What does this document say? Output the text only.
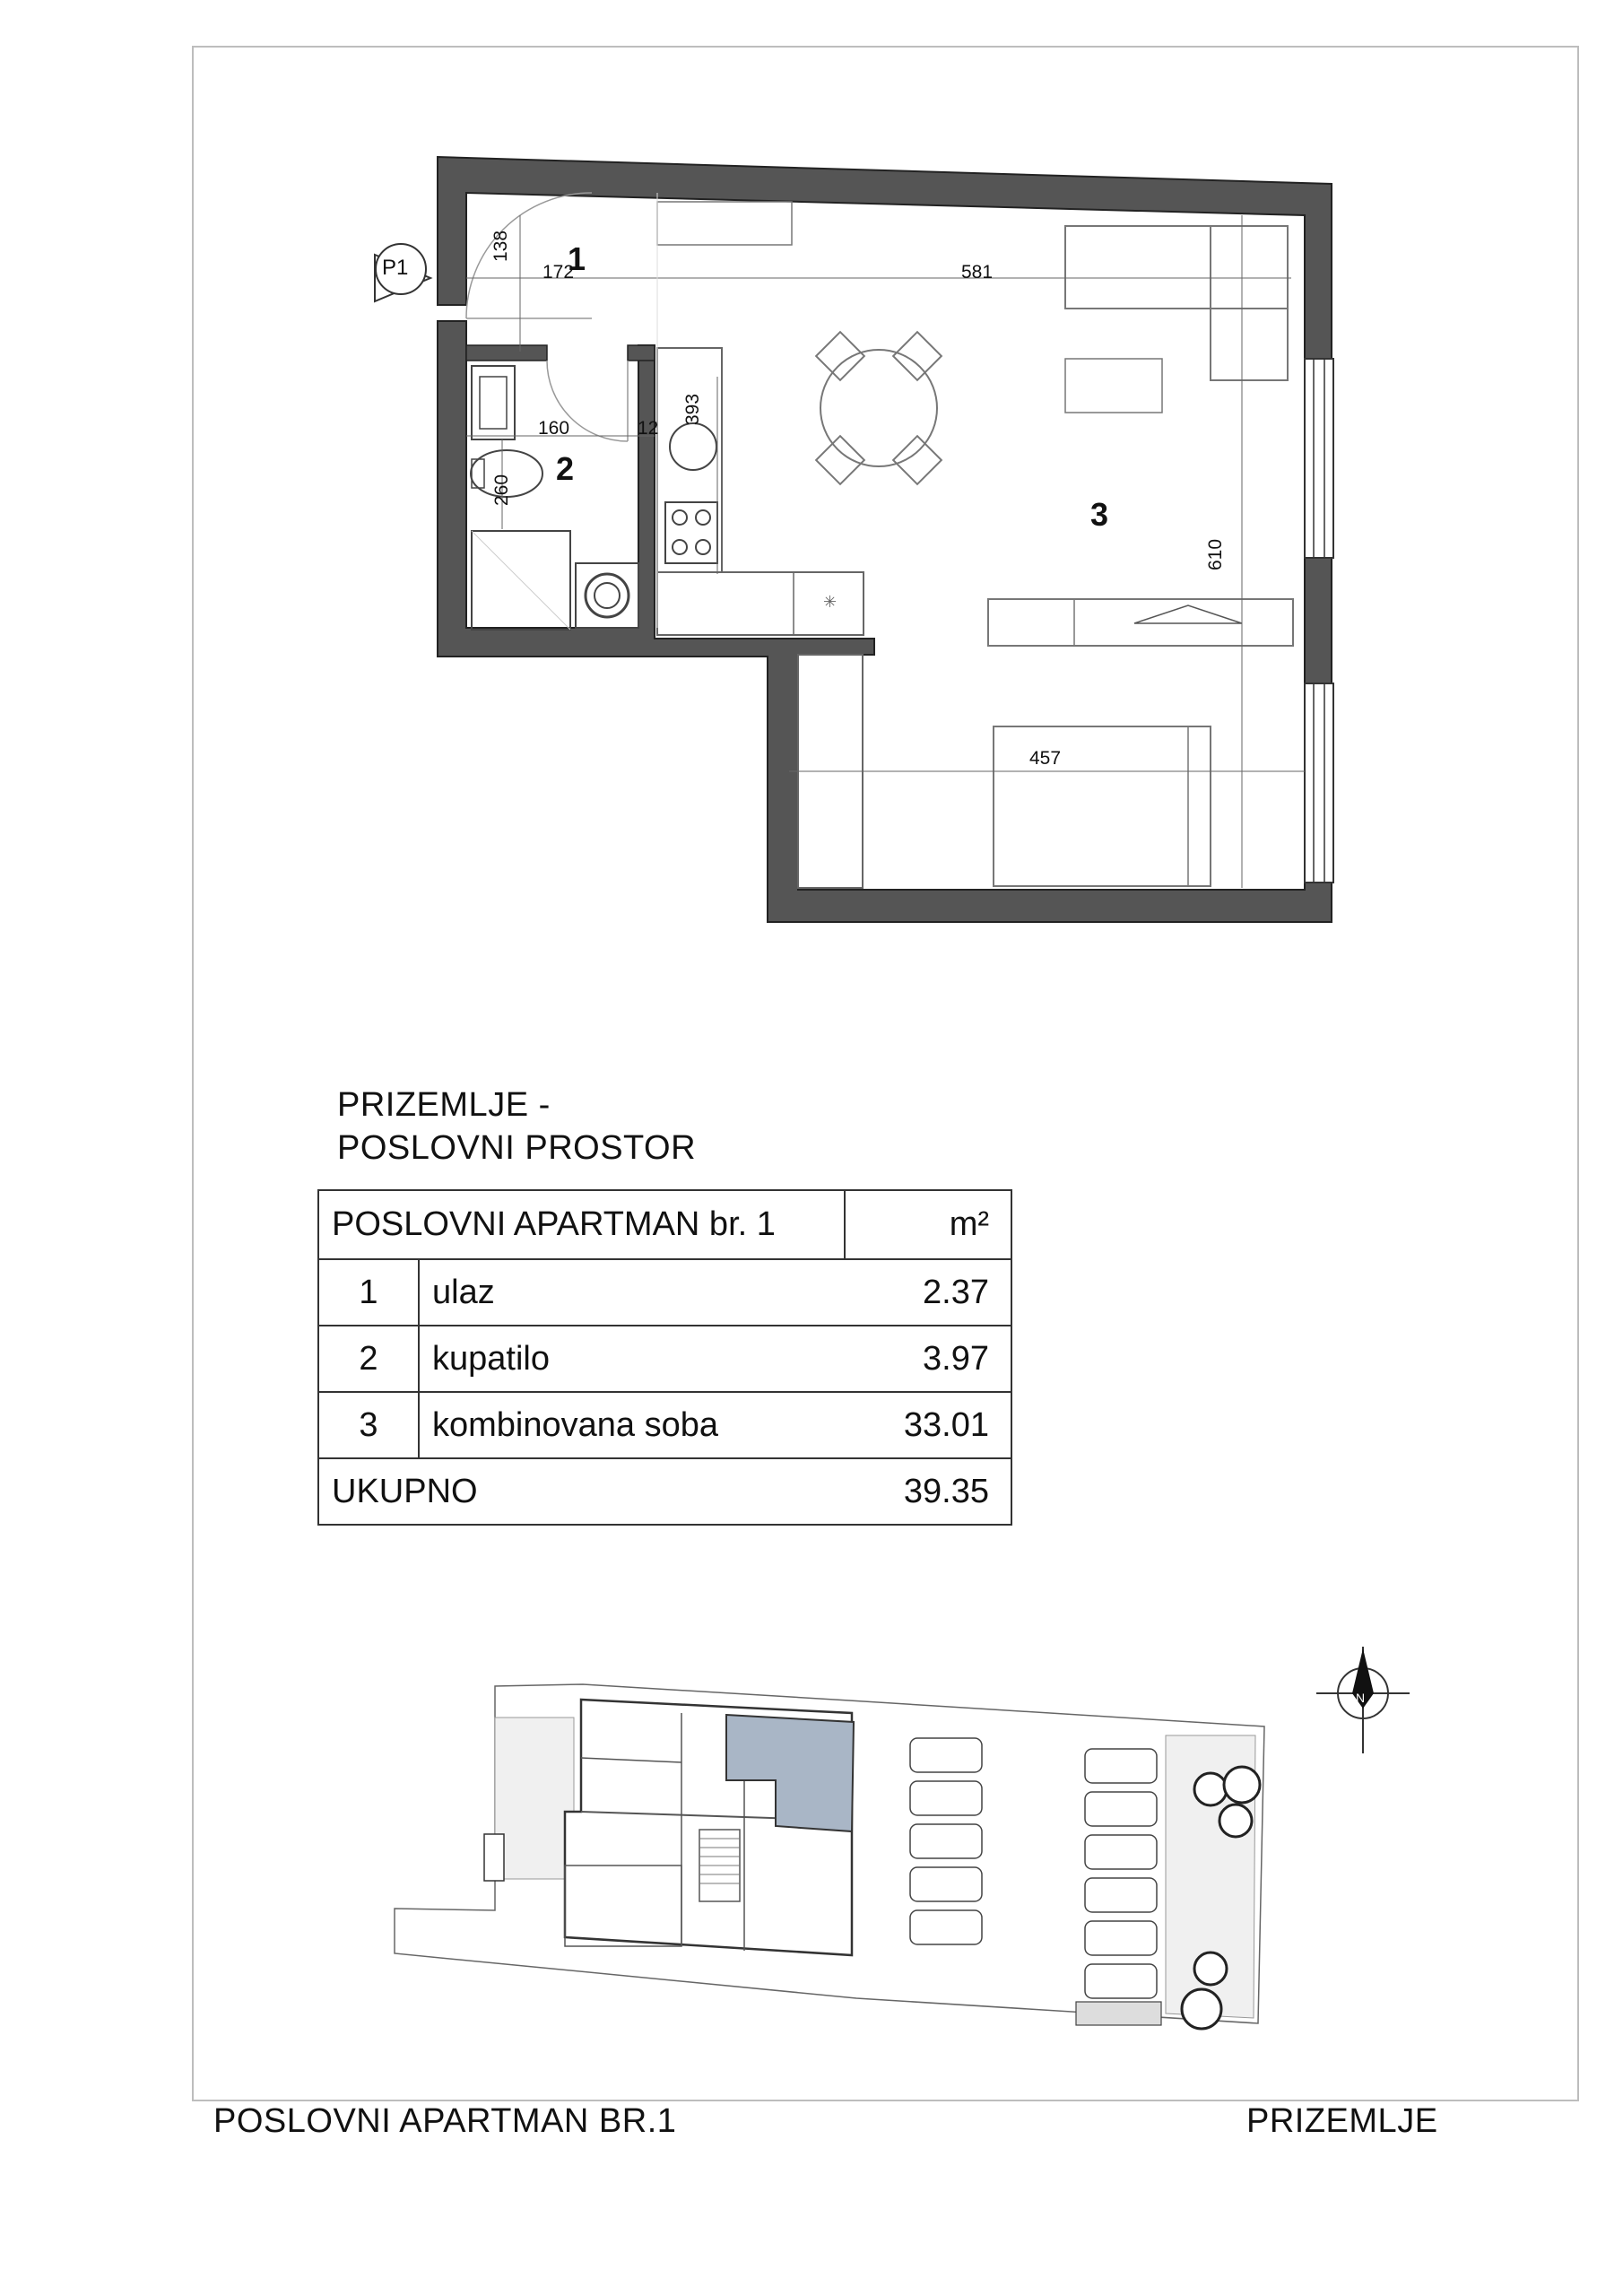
✳
N
1
2
3
138
172	581
160	12
393
260
610
457
P1
PRIZEMLJE -
POSLOVNI PROSTOR
POSLOVNI APARTMAN br. 1		m²
1	ulaz	2.37
2	kupatilo	3.97
3	kombinovana soba	33.01
UKUPNO		39.35
POSLOVNI APARTMAN BR.1	PRIZEMLJE
